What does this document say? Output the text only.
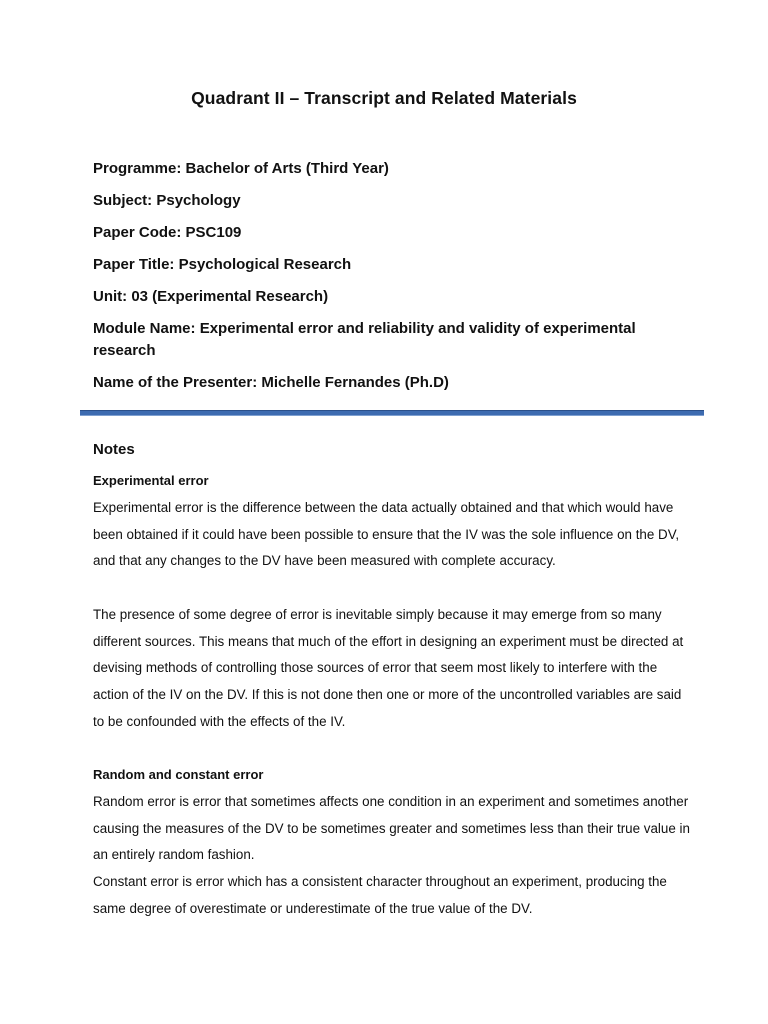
Quadrant II – Transcript and Related Materials
Programme: Bachelor of Arts (Third Year)
Subject: Psychology
Paper Code: PSC109
Paper Title: Psychological Research
Unit: 03 (Experimental Research)
Module Name: Experimental error and reliability and validity of experimental research
Name of the Presenter: Michelle Fernandes (Ph.D)
Notes
Experimental error
Experimental error is the difference between the data actually obtained and that which would have been obtained if it could have been possible to ensure that the IV was the sole influence on the DV, and that any changes to the DV have been measured with complete accuracy.
The presence of some degree of error is inevitable simply because it may emerge from so many different sources. This means that much of the effort in designing an experiment must be directed at devising methods of controlling those sources of error that seem most likely to interfere with the action of the IV on the DV. If this is not done then one or more of the uncontrolled variables are said to be confounded with the effects of the IV.
Random and constant error
Random error is error that sometimes affects one condition in an experiment and sometimes another causing the measures of the DV to be sometimes greater and sometimes less than their true value in an entirely random fashion.
Constant error is error which has a consistent character throughout an experiment, producing the same degree of overestimate or underestimate of the true value of the DV.
